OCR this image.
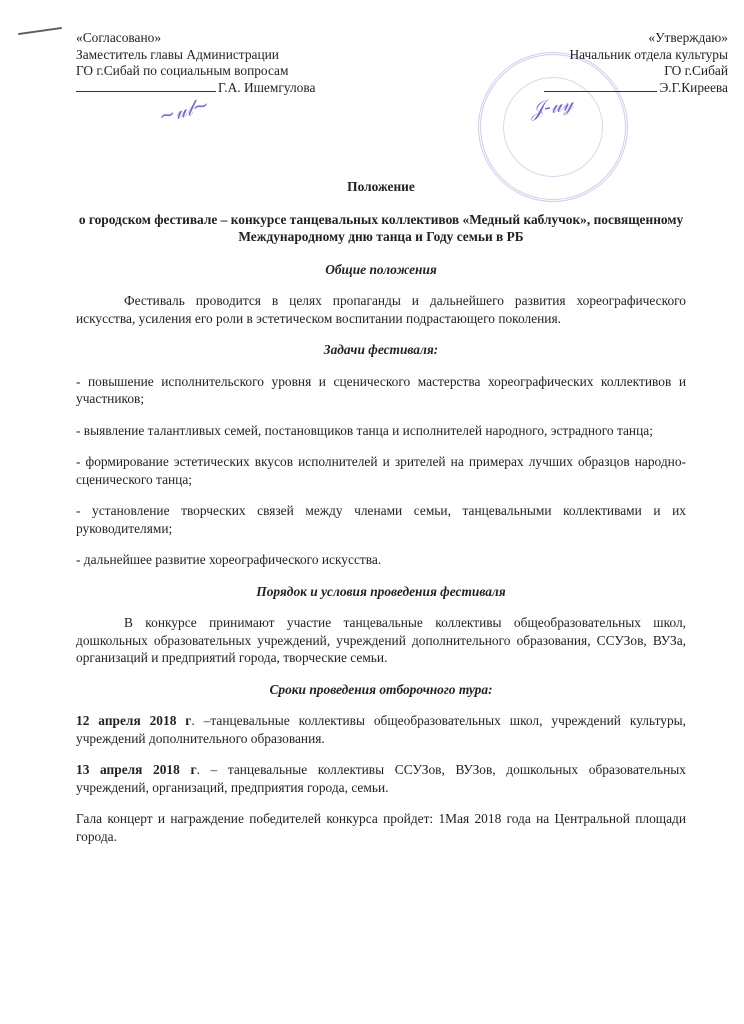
«Согласовано»
Заместитель главы Администрации
ГО г.Сибай по социальным вопросам
Г.А. Ишемгулова
~𝓊𝓁~
«Утверждаю»
Начальник отдела культуры
ГО г.Сибай
Э.Г.Киреева
𝒥-𝓊𝓎
Положение
о городском фестивале – конкурсе танцевальных коллективов «Медный каблучок», посвященному Международному дню танца и Году семьи в РБ
Общие положения

Фестиваль проводится в целях пропаганды и дальнейшего развития хореографического искусства, усиления его роли в эстетическом воспитании подрастающего поколения.

Задачи фестиваля:

- повышение исполнительского уровня и сценического мастерства хореографических коллективов и участников;

- выявление талантливых семей, постановщиков танца и исполнителей народного, эстрадного танца;

- формирование эстетических вкусов исполнителей и зрителей на примерах лучших образцов народно-сценического танца;

- установление творческих связей между членами семьи, танцевальными коллективами и их руководителями;

- дальнейшее развитие хореографического искусства.

Порядок и условия проведения фестиваля

В конкурсе принимают участие танцевальные коллективы общеобразовательных школ, дошкольных образовательных учреждений, учреждений дополнительного образования, ССУЗов, ВУЗа, организаций и предприятий города, творческие семьи.

Сроки проведения отборочного тура:

12 апреля 2018 г. –танцевальные коллективы общеобразовательных школ, учреждений культуры, учреждений дополнительного образования.

13 апреля 2018 г. – танцевальные коллективы ССУЗов, ВУЗов, дошкольных образовательных учреждений, организаций, предприятия города, семьи.

Гала концерт и награждение победителей конкурса пройдет: 1Мая 2018 года на Центральной площади города.
